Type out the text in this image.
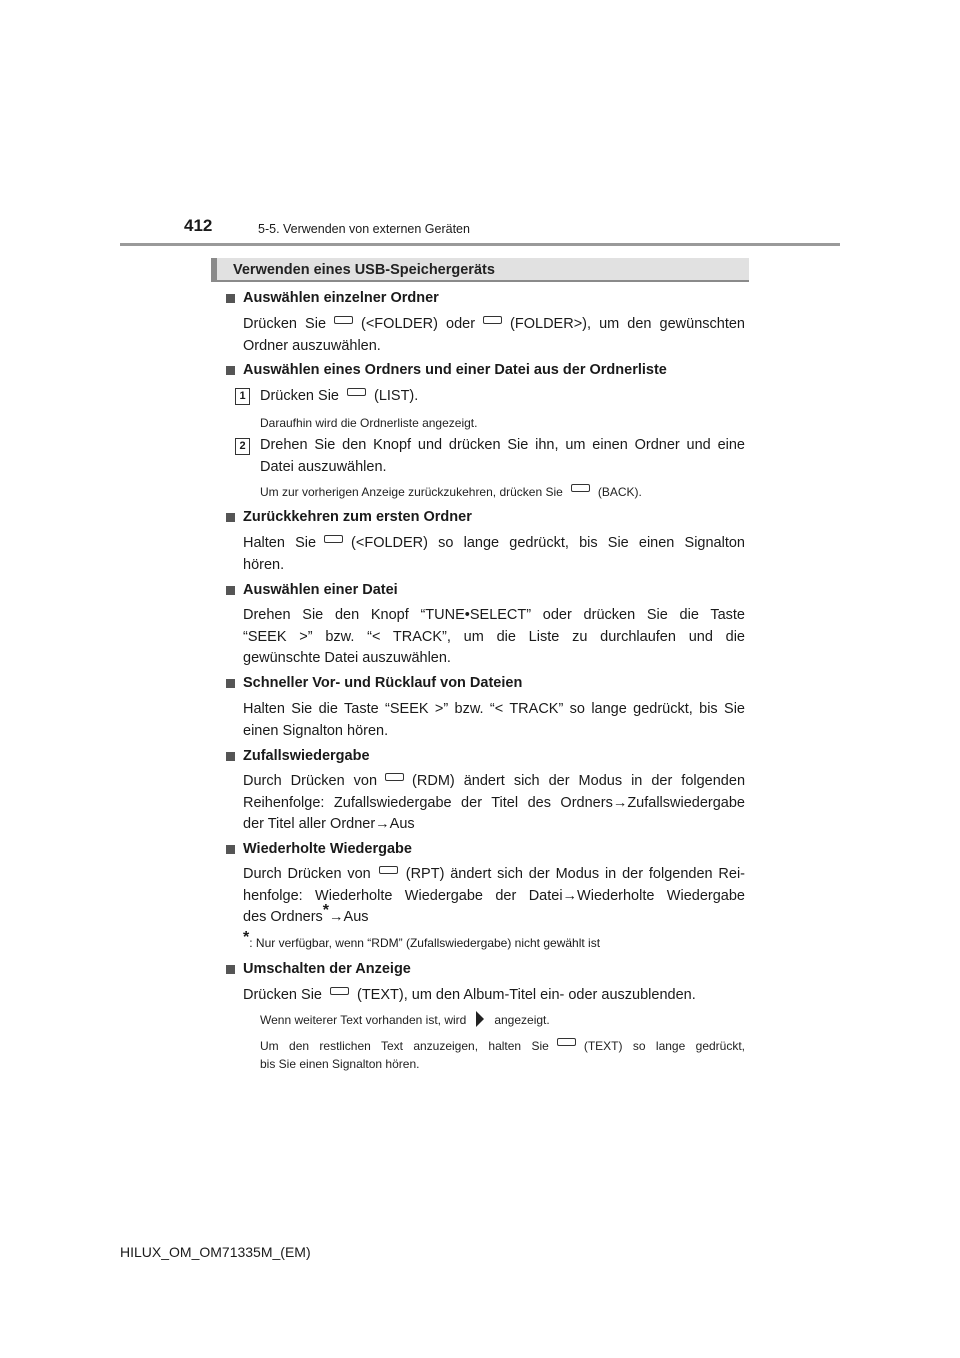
412	5-5. Verwenden von externen Geräten
Verwenden eines USB-Speichergeräts
Auswählen einzelner Ordner
Drücken Sie (<FOLDER) oder (FOLDER>), um den gewünschten
Ordner auszuwählen.
Auswählen eines Ordners und einer Datei aus der Ordnerliste
1 Drücken Sie (LIST).
Daraufhin wird die Ordnerliste angezeigt.
2 Drehen Sie den Knopf und drücken Sie ihn, um einen Ordner und eine
Datei auszuwählen.
Um zur vorherigen Anzeige zurückzukehren, drücken Sie	(BACK).
Zurückkehren zum ersten Ordner
Halten Sie (<FOLDER) so lange gedrückt, bis Sie einen Signalton
hören.
Auswählen einer Datei
Drehen Sie den Knopf “TUNE•SELECT” oder drücken Sie die Taste
“SEEK >” bzw. “< TRACK”, um die Liste zu durchlaufen und die
gewünschte Datei auszuwählen.
Schneller Vor- und Rücklauf von Dateien
Halten Sie die Taste “SEEK >” bzw. “< TRACK” so lange gedrückt, bis Sie
einen Signalton hören.
Zufallswiedergabe
Durch Drücken von (RDM) ändert sich der Modus in der folgenden
Reihenfolge: Zufallswiedergabe der Titel des Ordners→Zufallswiedergabe
der Titel aller Ordner→Aus
Wiederholte Wiedergabe
Durch Drücken von (RPT) ändert sich der Modus in der folgenden Rei-
henfolge: Wiederholte Wiedergabe der Datei→Wiederholte Wiedergabe
des Ordners*→Aus
*: Nur verfügbar, wenn “RDM” (Zufallswiedergabe) nicht gewählt ist
Umschalten der Anzeige
Drücken Sie (TEXT), um den Album-Titel ein- oder auszublenden.
Wenn weiterer Text vorhanden ist, wird angezeigt.
Um den restlichen Text anzuzeigen, halten Sie	(TEXT) so lange gedrückt,
bis Sie einen Signalton hören.
HILUX_OM_OM71335M_(EM)
